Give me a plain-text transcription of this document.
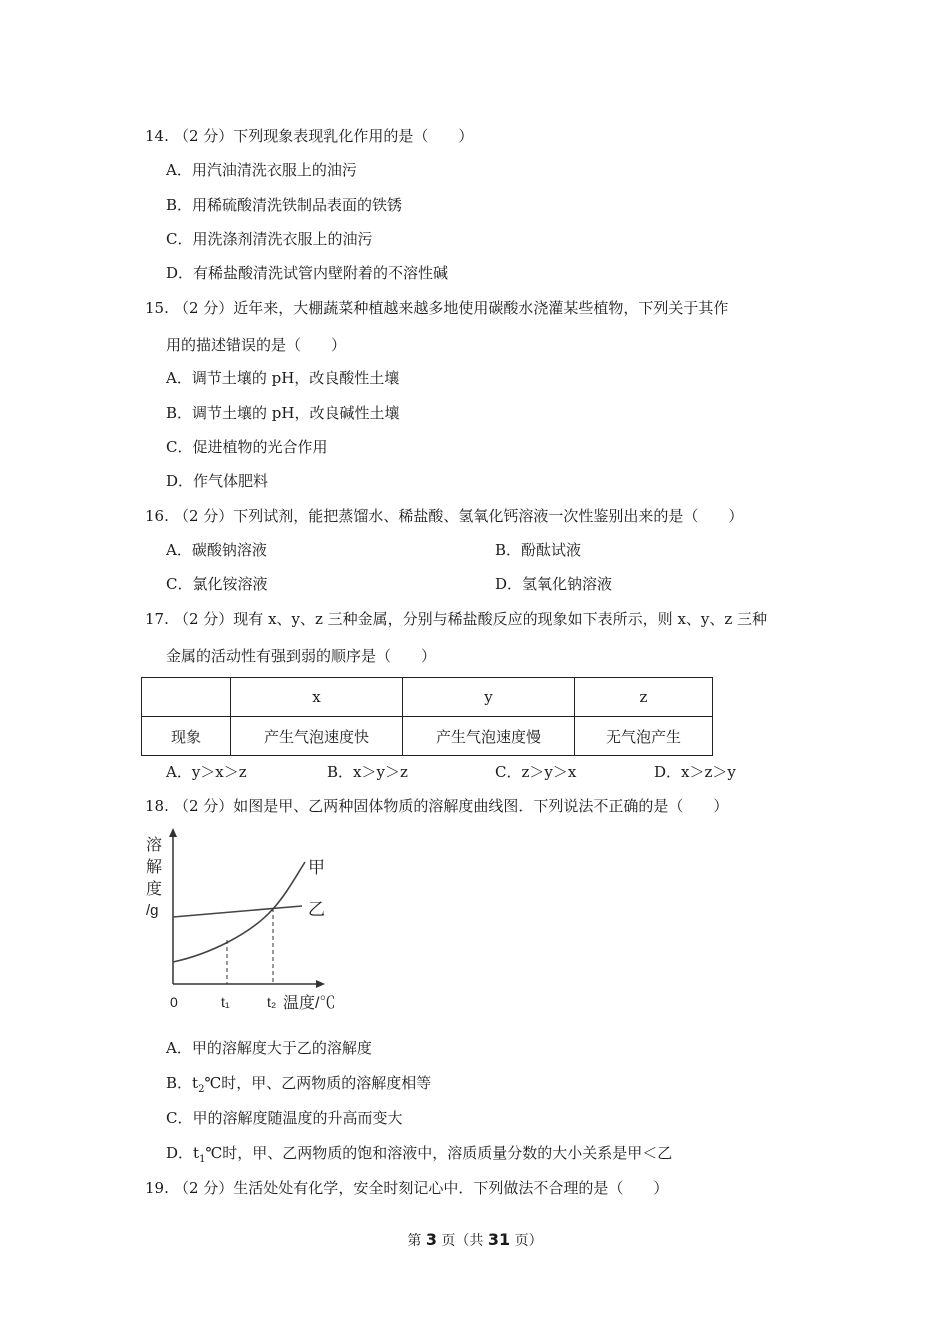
14. （2 分）下列现象表现乳化作用的是（　　）
A．用汽油清洗衣服上的油污
B．用稀硫酸清洗铁制品表面的铁锈
C．用洗涤剂清洗衣服上的油污
D．有稀盐酸清洗试管内壁附着的不溶性碱
15. （2 分）近年来，大棚蔬菜种植越来越多地使用碳酸水浇灌某些植物，下列关于其作
用的描述错误的是（　　）
A．调节土壤的 pH，改良酸性土壤
B．调节土壤的 pH，改良碱性土壤
C．促进植物的光合作用
D．作气体肥料
16. （2 分）下列试剂，能把蒸馏水、稀盐酸、氢氧化钙溶液一次性鉴别出来的是（　　）
A．碳酸钠溶液	B．酚酞试液
C．氯化铵溶液	D．氢氧化钠溶液
17. （2 分）现有 x、y、z 三种金属，分别与稀盐酸反应的现象如下表所示，则 x、y、z 三种
金属的活动性有强到弱的顺序是（　　）
	x	y	z
现象	产生气泡速度快	产生气泡速度慢	无气泡产生
A．y＞x＞z	B．x＞y＞z	C．z＞y＞x	D．x＞z＞y
18. （2 分）如图是甲、乙两种固体物质的溶解度曲线图．下列说法不正确的是（　　）
溶
解
度
/g
甲
乙
0	t₁	t₂ 温度/℃
A．甲的溶解度大于乙的溶解度
B．$t_2℃$时，甲、乙两物质的溶解度相等
C．甲的溶解度随温度的升高而变大
D．$t_1℃$时，甲、乙两物质的饱和溶液中，溶质质量分数的大小关系是甲＜乙
19. （2 分）生活处处有化学，安全时刻记心中．下列做法不合理的是（　　）
第 3 页（共 31 页）
